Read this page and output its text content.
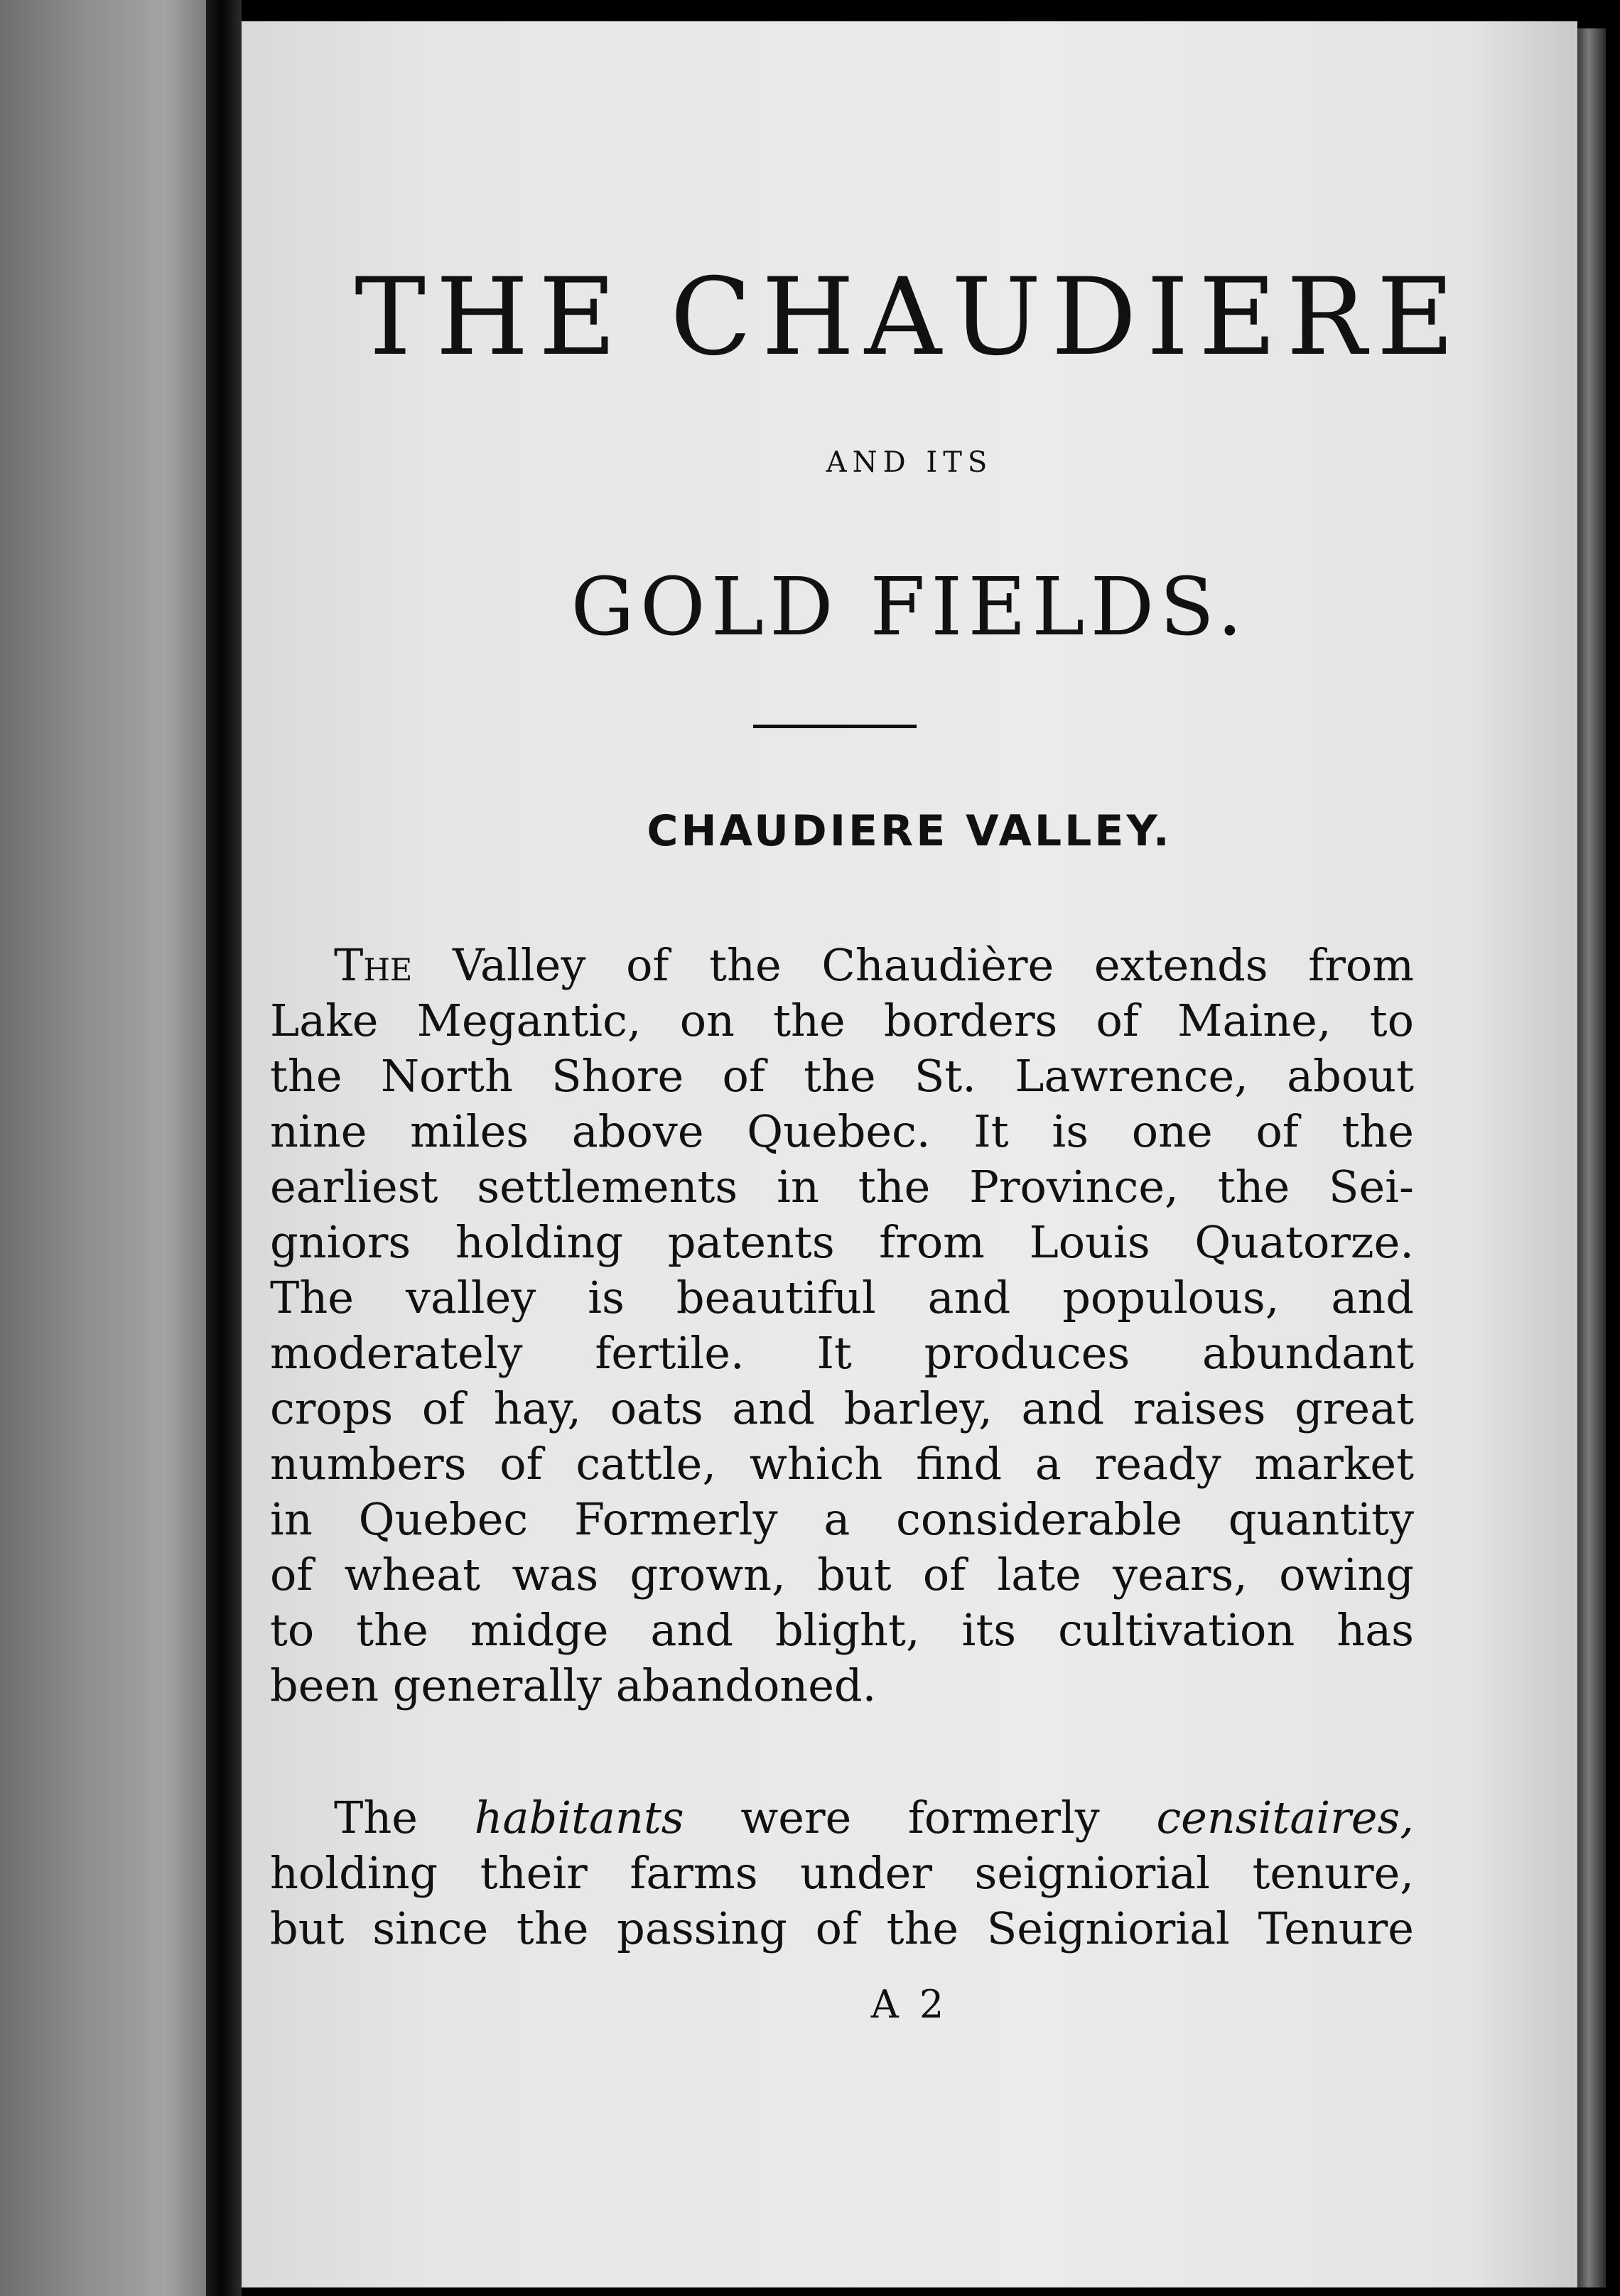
THE CHAUDIERE
AND ITS
GOLD FIELDS.
CHAUDIERE VALLEY.
The Valley of the Chaudière extends from
Lake Megantic, on the borders of Maine, to
the North Shore of the St. Lawrence, about
nine miles above Quebec. It is one of the
earliest settlements in the Province, the Sei-
gniors holding patents from Louis Quatorze.
The valley is beautiful and populous, and
moderately fertile. It produces abundant
crops of hay, oats and barley, and raises great
numbers of cattle, which find a ready market
in Quebec Formerly a considerable quantity
of wheat was grown, but of late years, owing
to the midge and blight, its cultivation has
been generally abandoned.
The habitants were formerly censitaires,
holding their farms under seigniorial tenure,
but since the passing of the Seigniorial Tenure
A 2
